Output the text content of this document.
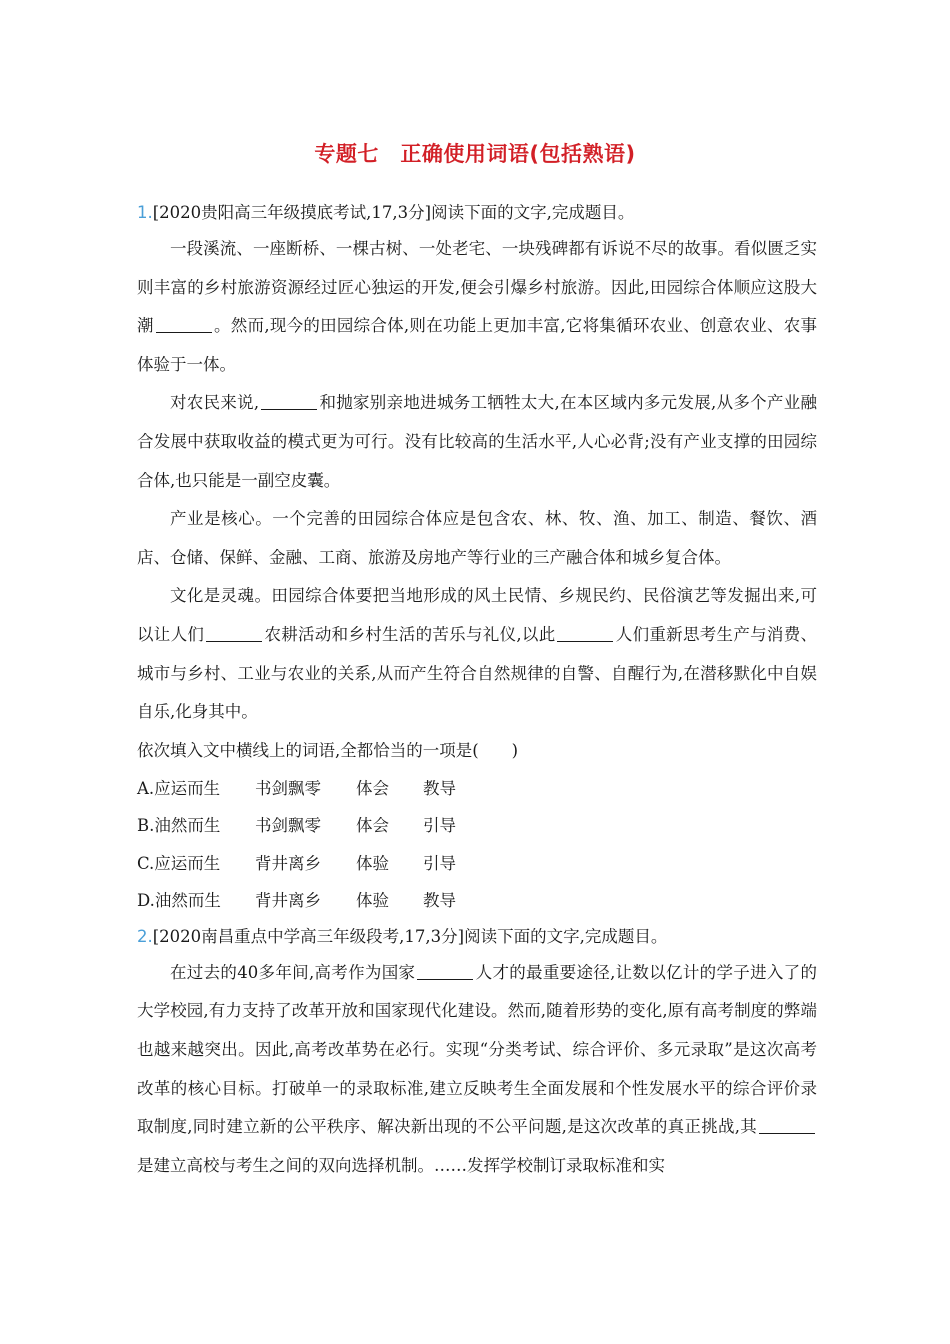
专题七　正确使用词语(包括熟语)
1.[2020贵阳高三年级摸底考试,17,3分]阅读下面的文字,完成题目。

一段溪流、一座断桥、一棵古树、一处老宅、一块残碑都有诉说不尽的故事。看似匮乏实则丰富的乡村旅游资源经过匠心独运的开发,便会引爆乡村旅游。因此,田园综合体顺应这股大潮	。然而,现今的田园综合体,则在功能上更加丰富,它将集循环农业、创意农业、农事体验于一体。

对农民来说,	和抛家别亲地进城务工牺牲太大,在本区域内多元发展,从多个产业融合发展中获取收益的模式更为可行。没有比较高的生活水平,人心必背;没有产业支撑的田园综合体,也只能是一副空皮囊。

产业是核心。一个完善的田园综合体应是包含农、林、牧、渔、加工、制造、餐饮、酒店、仓储、保鲜、金融、工商、旅游及房地产等行业的三产融合体和城乡复合体。

文化是灵魂。田园综合体要把当地形成的风土民情、乡规民约、民俗演艺等发掘出来,可以让人们	农耕活动和乡村生活的苦乐与礼仪,以此	人们重新思考生产与消费、城市与乡村、工业与农业的关系,从而产生符合自然规律的自警、自醒行为,在潜移默化中自娱自乐,化身其中。

依次填入文中横线上的词语,全都恰当的一项是(　　)
A.应运而生 书剑飘零 体会 教导
B.油然而生 书剑飘零 体会 引导
C.应运而生 背井离乡 体验 引导
D.油然而生 背井离乡 体验 教导
2.[2020南昌重点中学高三年级段考,17,3分]阅读下面的文字,完成题目。

在过去的40多年间,高考作为国家	人才的最重要途径,让数以亿计的学子进入了的大学校园,有力支持了改革开放和国家现代化建设。然而,随着形势的变化,原有高考制度的弊端也越来越突出。因此,高考改革势在必行。实现“分类考试、综合评价、多元录取”是这次高考改革的核心目标。打破单一的录取标准,建立反映考生全面发展和个性发展水平的综合评价录取制度,同时建立新的公平秩序、解决新出现的不公平问题,是这次改革的真正挑战,其是建立高校与考生之间的双向选择机制。……发挥学校制订录取标准和实
